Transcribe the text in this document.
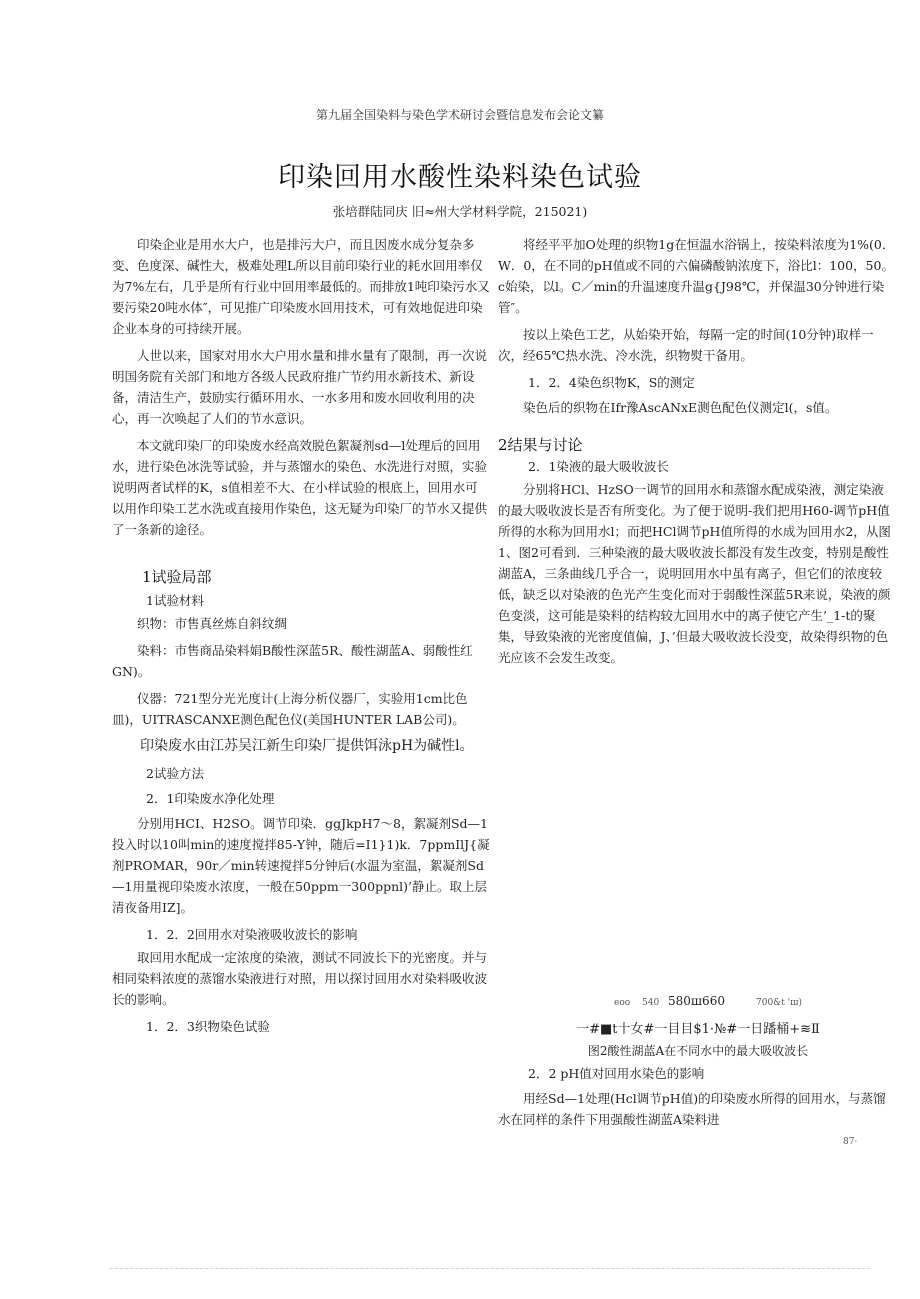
第九届全国染料与染色学术研讨会暨信息发布会论文纂
印染回用水酸性染料染色试验
张培群陆同庆 旧≈州大学材料学院，215021)

印染企业是用水大户，也是排污大户，而且因废水成分复杂多变、色度深、碱性大，极难处理L所以目前印染行业的耗水回用率仅为7%左右，几乎是所有行业中回用率最低的。而排放1吨印染污水又要污染20吨水体″，可见推广印染废水回用技术，可有效地促进印染企业本身的可持续开展。

人世以来，国家对用水大户用水量和排水量有了限制，再一次说明国务院有关部门和地方各级人民政府推广节约用水新技术、新设备，清洁生产，鼓励实行循环用水、一水多用和废水回收利用的决心，再一次唤起了人们的节水意识。

本文就印染厂的印染废水经高效脱色絮凝剂sd—l处理后的回用水，进行染色冰洗等试验，并与蒸馏水的染色、水洗进行对照，实验说明两者试样的K，s值相差不大、在小样试验的根底上，回用水可以用作印染工艺水洗或直接用作染色，这无疑为印染厂的节水又提供了一条新的途径。

1试验局部
1试验材料

织物：市售真丝炼自斜纹绸

染料：市售商品染料娟B酸性深蓝5R、酸性湖蓝A、弱酸性红GN)。

仪器：721型分光光度计(上海分析仪器厂，实验用1cm比色皿)，UITRASCANXE测色配色仪(美国HUNTER LAB公司)。

印染废水由江苏吴江新生印染厂提供饵泳pH为碱性l。

2试验方法
2．1印染废水净化处理

分别用HCI、H2SO。调节印染．ggJkpH7～8，絮凝剂Sd—1投入时以10叫min的速度搅拌85-Y钟，随后=I1}1)k．7ppmIlJ{凝剂PROMAR，90r／min转速搅拌5分钟后(水温为室温，絮凝剂Sd—1用量视印染废水浓度，一般在50ppm一300ppnl)’静止。取上层清夜备用IZ]。

1．2．2回用水对染液吸收波长的影响

取回用水配成一定浓度的染液，测试不同波长下的光密度。并与相同染料浓度的蒸馏水染液进行对照，用以探讨回用水对染料吸收波长的影响。

1．2．3织物染色试验

将经平平加O处理的织物1g在恒温水浴锅上，按染料浓度为1%(0．W．0，在不同的pH值或不同的六偏磷酸钠浓度下，浴比l：100，50。c始染，以l。C／min的升温速度升温g{J98℃，并保温30分钟进行染管″。

按以上染色工艺，从始染开始，每隔一定的时间(10分钟)取样一次，经65℃热水洗、冷水洗，织物熨干备用。

1．2．4染色织物K，S的测定

染色后的织物在Ifr豫AscANxE测色配色仪测定l(，s值。

2结果与讨论
2．1染液的最大吸收波长

分别将HCl、HzSO一调节的回用水和蒸馏水配成染液，测定染液的最大吸收波长是否有所变化。为了便于说明-我们把用H60-调节pH值所得的水称为回用水l；而把HCl调节pH值所得的水成为回用水2，从图1、图2可看到．三种染液的最大吸收波长都没有发生改变，特别是酸性湖蓝A，三条曲线几乎合一，说明回用水中虽有离子，但它们的浓度较低，缺乏以对染液的色光产生变化而对于弱酸性深蓝5R来说，染液的颜色变淡，这可能是染料的结构较尢回用水中的离子使它产生’_1-t的聚集，导致染液的光密度值偏，J、’但最大吸收波长没变，故染得织物的色光应该不会发生改变。

eoo 540 580ш660	700&t 'ш)
一#■t十女#一目目$1·№#一日蹯桶+≋Ⅱ
图2酸性湖蓝A在不同水中的最大吸收波长
2．2 pH值对回用水染色的影响

用经Sd—1处理(Hcl调节pH值)的印染废水所得的回用水，与蒸馏水在同样的条件下用强酸性湖蓝A染料进

87·
